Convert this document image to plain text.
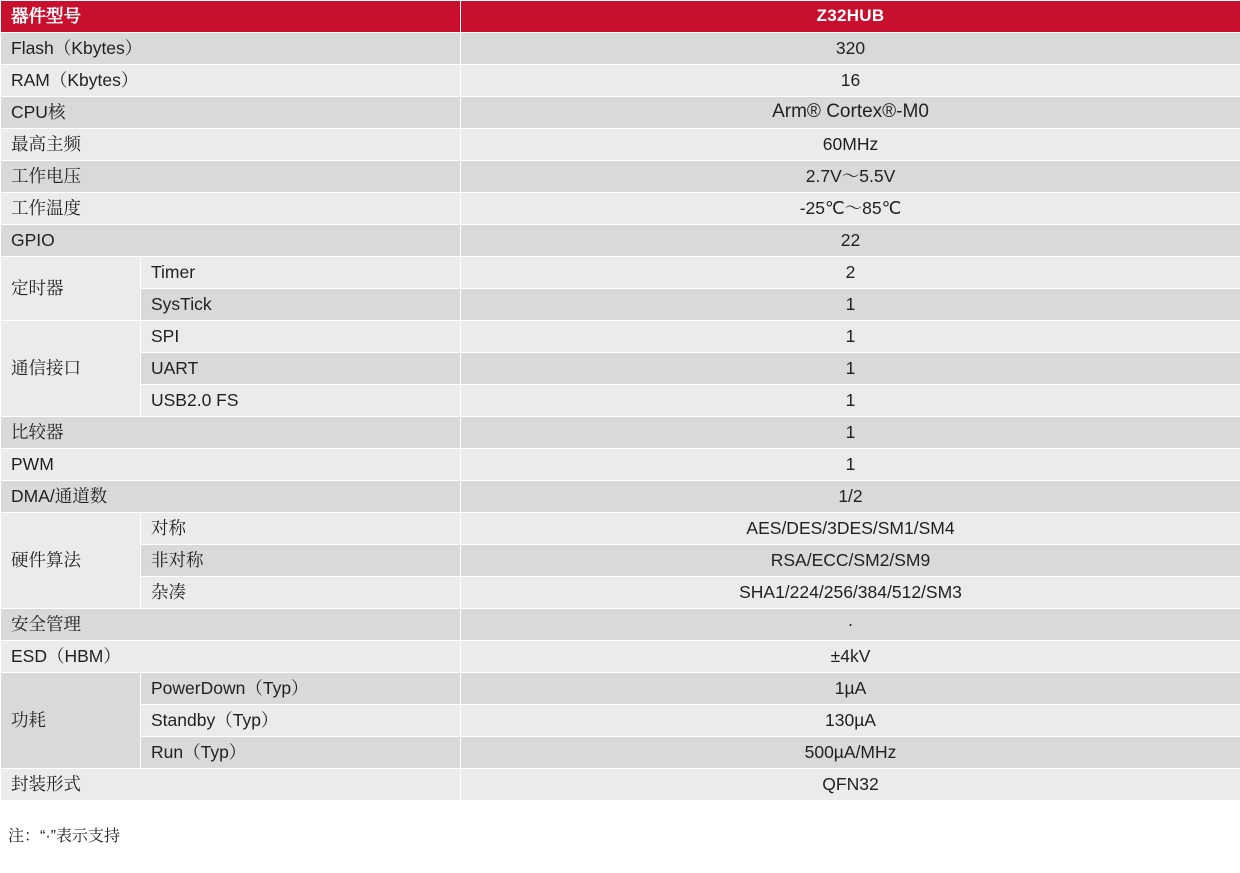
器件型号		Z32HUB
Flash（Kbytes）		320
RAM（Kbytes）		16
CPU核		Arm® Cortex®-M0
最高主频		60MHz
工作电压		2.7V～5.5V
工作温度		-25℃～85℃
GPIO		22
定时器	Timer	2
	SysTick	1
通信接口	SPI	1
	UART	1
	USB2.0 FS	1
比较器		1
PWM		1
DMA/通道数		1/2
硬件算法	对称	AES/DES/3DES/SM1/SM4
	非对称	RSA/ECC/SM2/SM9
	杂凑	SHA1/224/256/384/512/SM3
安全管理		·
ESD（HBM）		±4kV
功耗	PowerDown（Typ）	1µA
	Standby（Typ）	130µA
	Run（Typ）	500µA/MHz
封装形式		QFN32
注：“·”表示支持
